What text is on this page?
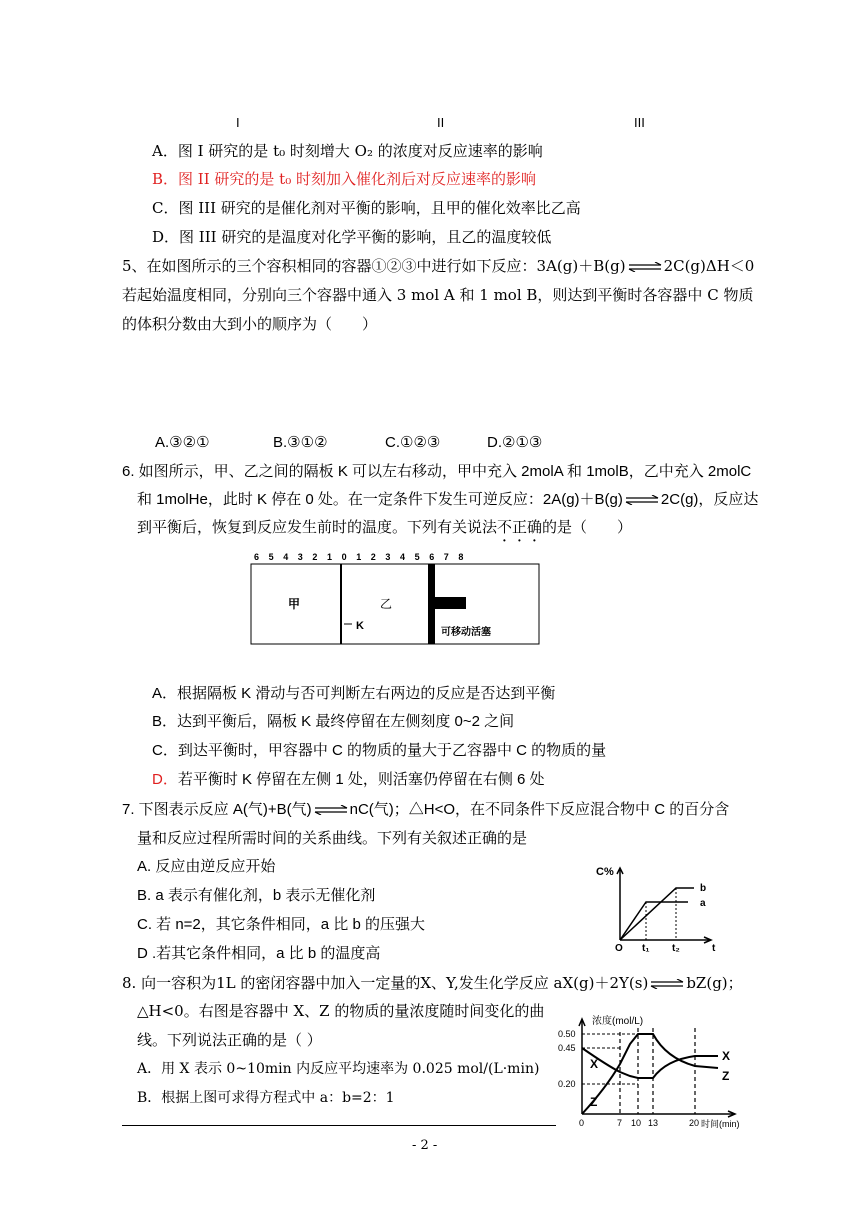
I	II	III
A．图 I 研究的是 t₀ 时刻增大 O₂ 的浓度对反应速率的影响
B．图 II 研究的是 t₀ 时刻加入催化剂后对反应速率的影响
C．图 III 研究的是催化剂对平衡的影响，且甲的催化效率比乙高
D．图 III 研究的是温度对化学平衡的影响，且乙的温度较低
5、在如图所示的三个容积相同的容器①②③中进行如下反应：3A(g)＋B(g) ⇌ 2C(g)ΔH＜0
若起始温度相同，分别向三个容器中通入 3 mol A 和 1 mol B，则达到平衡时各容器中 C 物质
的体积分数由大到小的顺序为（　　）
A.③②①	B.③①②	C.①②③	D.②①③
6. 如图所示，甲、乙之间的隔板 K 可以左右移动，甲中充入 2molA 和 1molB，乙中充入 2molC
和 1molHe，此时 K 停在 0 处。在一定条件下发生可逆反应：2A(g)＋B(g) ⇌ 2C(g)，反应达
到平衡后，恢复到反应发生前时的温度。下列有关说法不正确的是（　　）
6 5 4 3 2 1 0 1 2 3 4 5 6 7 8
甲	乙
K
可移动活塞
A．根据隔板 K 滑动与否可判断左右两边的反应是否达到平衡
B．达到平衡后，隔板 K 最终停留在左侧刻度 0~2 之间
C．到达平衡时，甲容器中 C 的物质的量大于乙容器中 C 的物质的量
D．若平衡时 K 停留在左侧 1 处，则活塞仍停留在右侧 6 处
7. 下图表示反应 A(气)+B(气) ⇌ nC(气)；△H<O，在不同条件下反应混合物中 C 的百分含
量和反应过程所需时间的关系曲线。下列有关叙述正确的是
A. 反应由逆反应开始
B. a 表示有催化剂，b 表示无催化剂
C. 若 n=2，其它条件相同，a 比 b 的压强大
D .若其它条件相同，a 比 b 的温度高
C%
O t₁ t₂	t
b
a
8. 向一容积为1L 的密闭容器中加入一定量的X、Y,发生化学反应 aX(g)＋2Y(s) ⇌ bZ(g)；
△H<0。右图是容器中 X、Z 的物质的量浓度随时间变化的曲
线。下列说法正确的是（ ）
A．用 X 表示 0~10min 内反应平均速率为 0.025 mol/(L·min)
B．根据上图可求得方程式中 a：b=2：1
浓度(mol/L)
0.50
0.45
0.20
0	7 10 13	20 时间(min)
X
Z
X
Z
- 2 -
